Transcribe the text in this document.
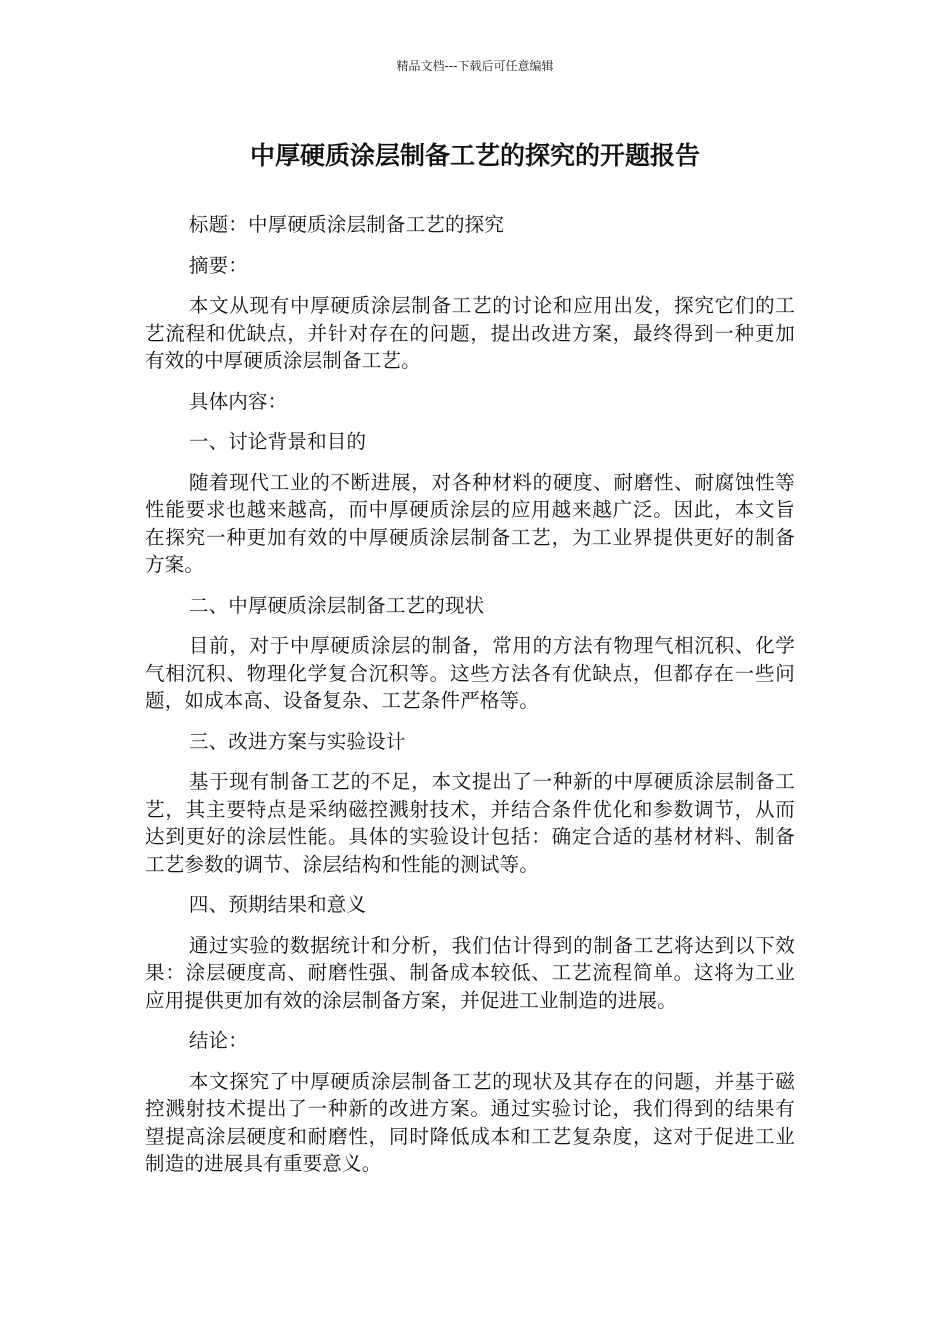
精品文档---下载后可任意编辑
中厚硬质涂层制备工艺的探究的开题报告

标题：中厚硬质涂层制备工艺的探究

摘要：

本文从现有中厚硬质涂层制备工艺的讨论和应用出发，探究它们的工艺流程和优缺点，并针对存在的问题，提出改进方案，最终得到一种更加有效的中厚硬质涂层制备工艺。

具体内容：

一、讨论背景和目的

随着现代工业的不断进展，对各种材料的硬度、耐磨性、耐腐蚀性等性能要求也越来越高，而中厚硬质涂层的应用越来越广泛。因此，本文旨在探究一种更加有效的中厚硬质涂层制备工艺，为工业界提供更好的制备方案。

二、中厚硬质涂层制备工艺的现状

目前，对于中厚硬质涂层的制备，常用的方法有物理气相沉积、化学气相沉积、物理化学复合沉积等。这些方法各有优缺点，但都存在一些问题，如成本高、设备复杂、工艺条件严格等。

三、改进方案与实验设计

基于现有制备工艺的不足，本文提出了一种新的中厚硬质涂层制备工艺，其主要特点是采纳磁控溅射技术，并结合条件优化和参数调节，从而达到更好的涂层性能。具体的实验设计包括：确定合适的基材材料、制备工艺参数的调节、涂层结构和性能的测试等。

四、预期结果和意义

通过实验的数据统计和分析，我们估计得到的制备工艺将达到以下效果：涂层硬度高、耐磨性强、制备成本较低、工艺流程简单。这将为工业应用提供更加有效的涂层制备方案，并促进工业制造的进展。

结论：

本文探究了中厚硬质涂层制备工艺的现状及其存在的问题，并基于磁控溅射技术提出了一种新的改进方案。通过实验讨论，我们得到的结果有望提高涂层硬度和耐磨性，同时降低成本和工艺复杂度，这对于促进工业制造的进展具有重要意义。
